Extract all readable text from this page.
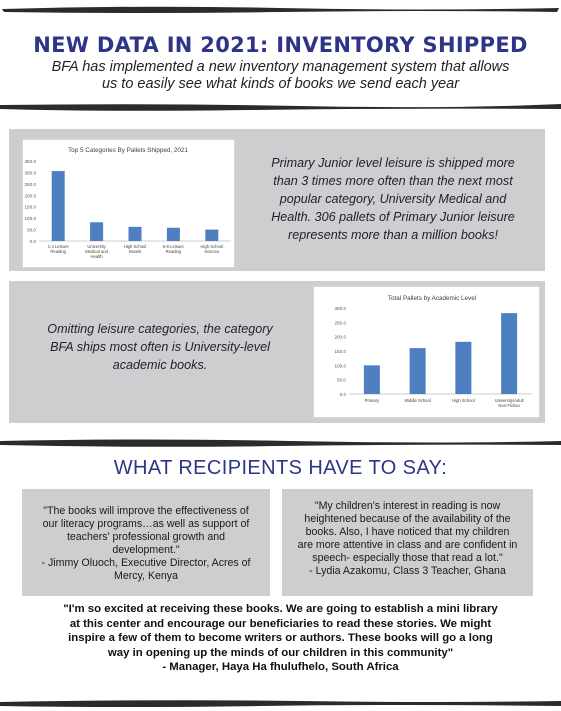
NEW DATA IN 2021: INVENTORY SHIPPED
BFA has implemented a new inventory management system that allows
us to easily see what kinds of books we send each year
Top 5 Categories By Pallets Shipped, 2021
0.0
50.0
100.0
150.0
200.0
250.0
300.0
350.0
1-4 Leisure
Reading
University
Medical and
Health
High School
Novels
5-8 Leisure
Reading
High School
Science
Primary Junior level leisure is shipped more
than 3 times more often than the next most
popular category, University Medical and
Health. 306 pallets of Primary Junior leisure
represents more than a million books!
Omitting leisure categories, the category
BFA ships most often is University-level
academic books.
Total Pallets by Academic Level
0.0
50.0
100.0
150.0
200.0
250.0
300.0
Primary	Middle School	High School	University/Adult
Non-Fiction
WHAT RECIPIENTS HAVE TO SAY:
"The books will improve the effectiveness of
our literacy programs…as well as support of
teachers' professional growth and
development."
- Jimmy Oluoch, Executive Director, Acres of
Mercy, Kenya
"My children's interest in reading is now
heightened because of the availability of the
books. Also, I have noticed that my children
are more attentive in class and are confident in
speech- especially those that read a lot."
- Lydia Azakomu, Class 3 Teacher, Ghana
"I'm so excited at receiving these books. We are going to establish a mini library
at this center and encourage our beneficiaries to read these stories. We might
inspire a few of them to become writers or authors. These books will go a long
way in opening up the minds of our children in this community"
- Manager, Haya Ha fhulufhelo, South Africa
